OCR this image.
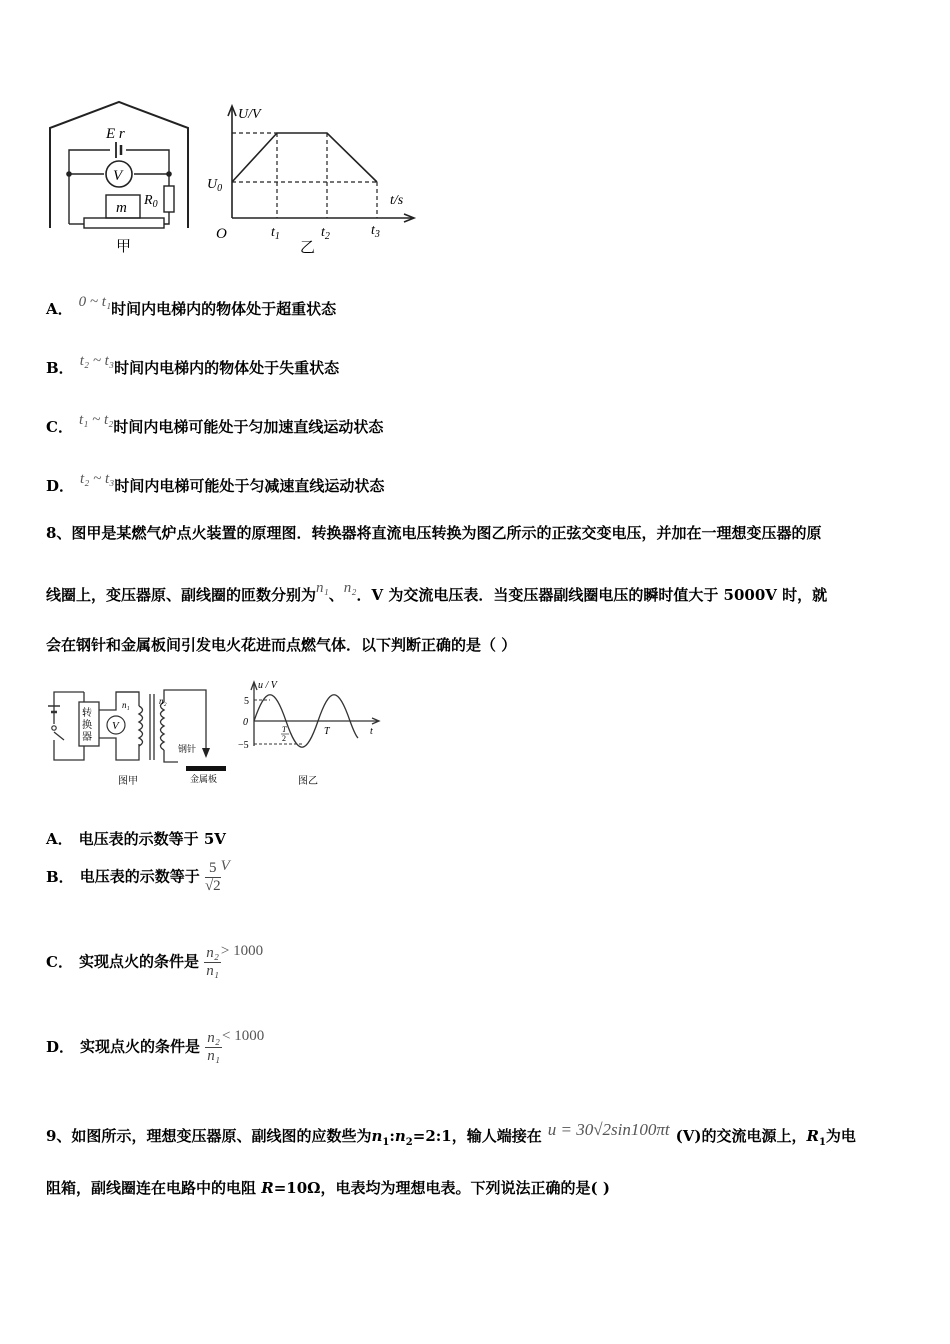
E r
V
m $R_0$
甲
U/V
t/s
$U_0$
O	$t_1$	$t_2$	$t_3$
乙
A． 0 ~ t₁时间内电梯内的物体处于超重状态
B． t₂ ~ t₃时间内电梯内的物体处于失重状态
C． t₁ ~ t₂时间内电梯可能处于匀加速直线运动状态
D． t₂ ~ t₃时间内电梯可能处于匀减速直线运动状态
8、图甲是某燃气炉点火装置的原理图．转换器将直流电压转换为图乙所示的正弦交变电压，并加在一理想变压器的原
线圈上，变压器原、副线圈的匝数分别为n₁、n₂．V 为交流电压表．当变压器副线圈电压的瞬时值大于 5000V 时，就
会在钢针和金属板间引发电火花进而点燃气体．以下判断正确的是（ ）
转
换
器
V
n₁	n₂
钢针
金属板
图甲
u / V
5
0
−5
T
2
T	t
图乙
A． 电压表的示数等于 5V
B． 电压表的示数等于 $\frac{5}{√2}$ V
C． 实现点火的条件是 $\frac{\text{n₂}}{\text{n₁}} > 1000$
D． 实现点火的条件是 $\frac{\text{n₂}}{\text{n₁}} < 1000$
9、如图所示，理想变压器原、副线图的应数些为$n_1:n_2=2:1$，输人端接在 u = 30√2sin100πt (V)的交流电源上，$R_1$为电
阻箱，副线圈连在电路中的电阻 R=10Ω，电表均为理想电表。下列说法正确的是( )
